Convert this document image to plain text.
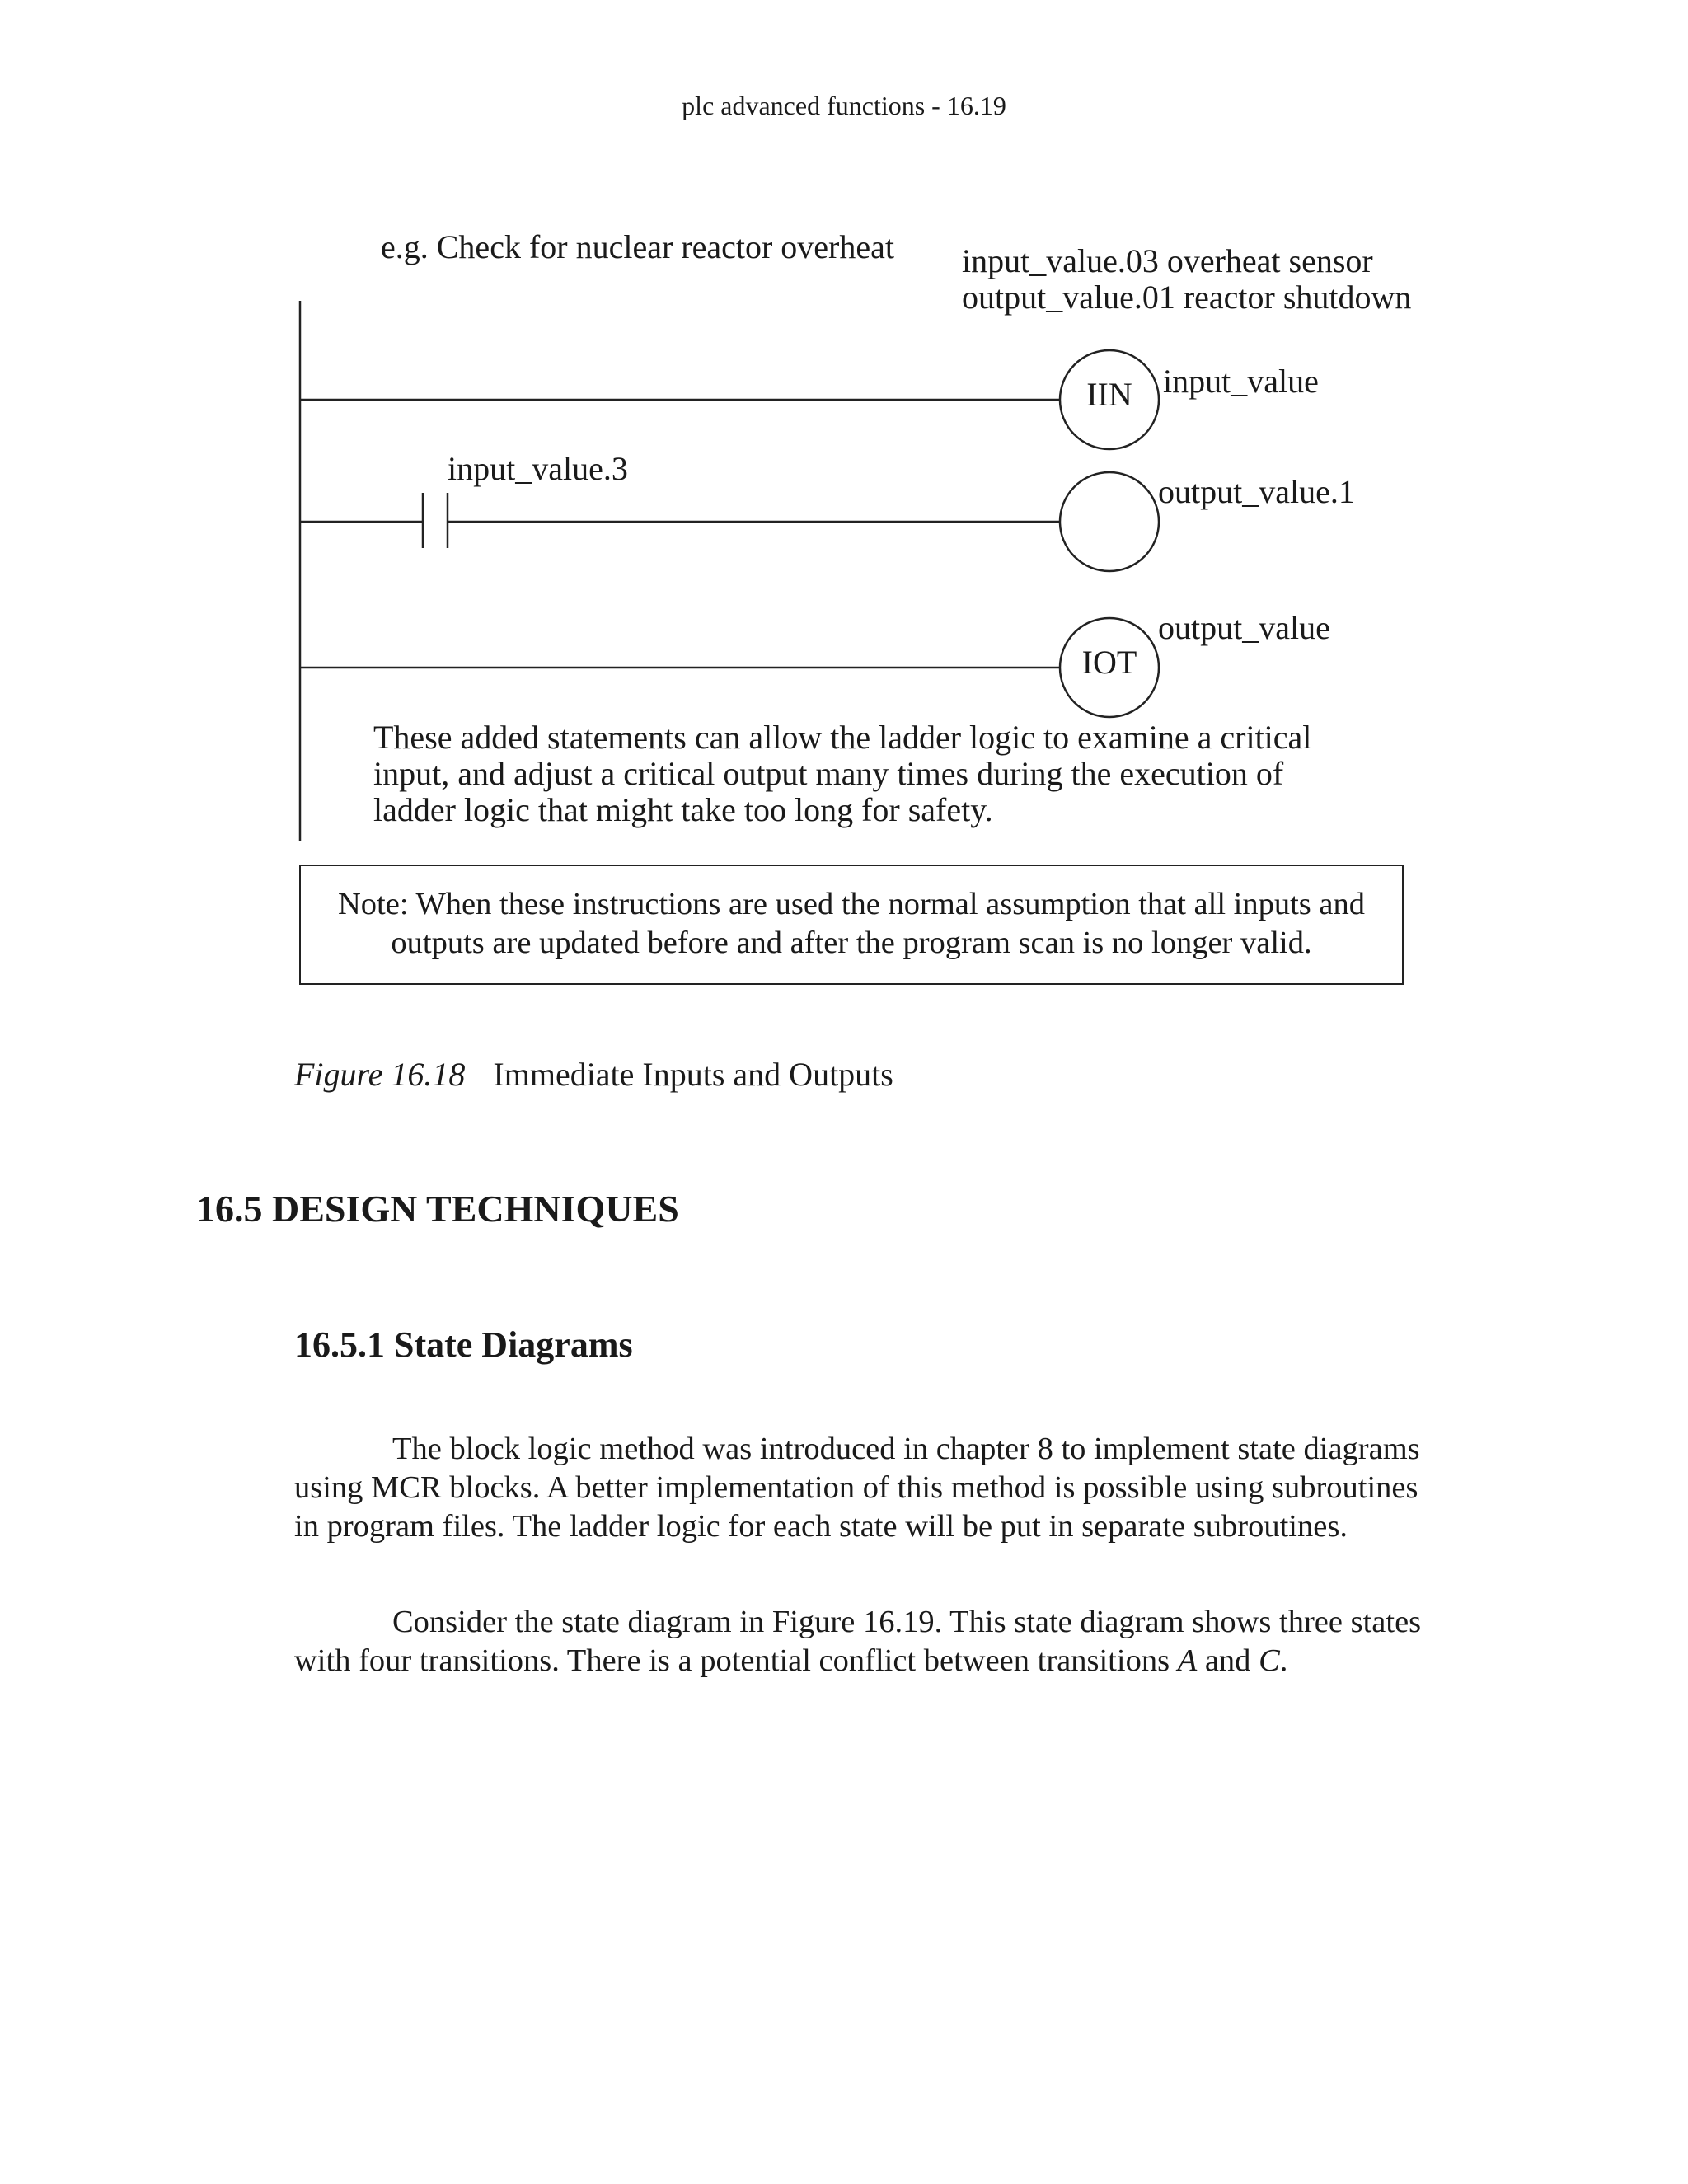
plc advanced functions - 16.19
e.g. Check for nuclear reactor overheat input_value.03 overheat sensor
output_value.01 reactor shutdown
IIN input_value
input_value.3
output_value.1
IOT
output_value
These added statements can allow the ladder logic to examine a critical
input, and adjust a critical output many times during the execution of
ladder logic that might take too long for safety.
Note: When these instructions are used the normal assumption that all inputs and
outputs are updated before and after the program scan is no longer valid.
Figure 16.18 Immediate Inputs and Outputs
16.5 DESIGN TECHNIQUES
16.5.1 State Diagrams
The block logic method was introduced in chapter 8 to implement state diagrams
using MCR blocks. A better implementation of this method is possible using subroutines
in program files. The ladder logic for each state will be put in separate subroutines.
Consider the state diagram in Figure 16.19. This state diagram shows three states
with four transitions. There is a potential conflict between transitions A and C.
